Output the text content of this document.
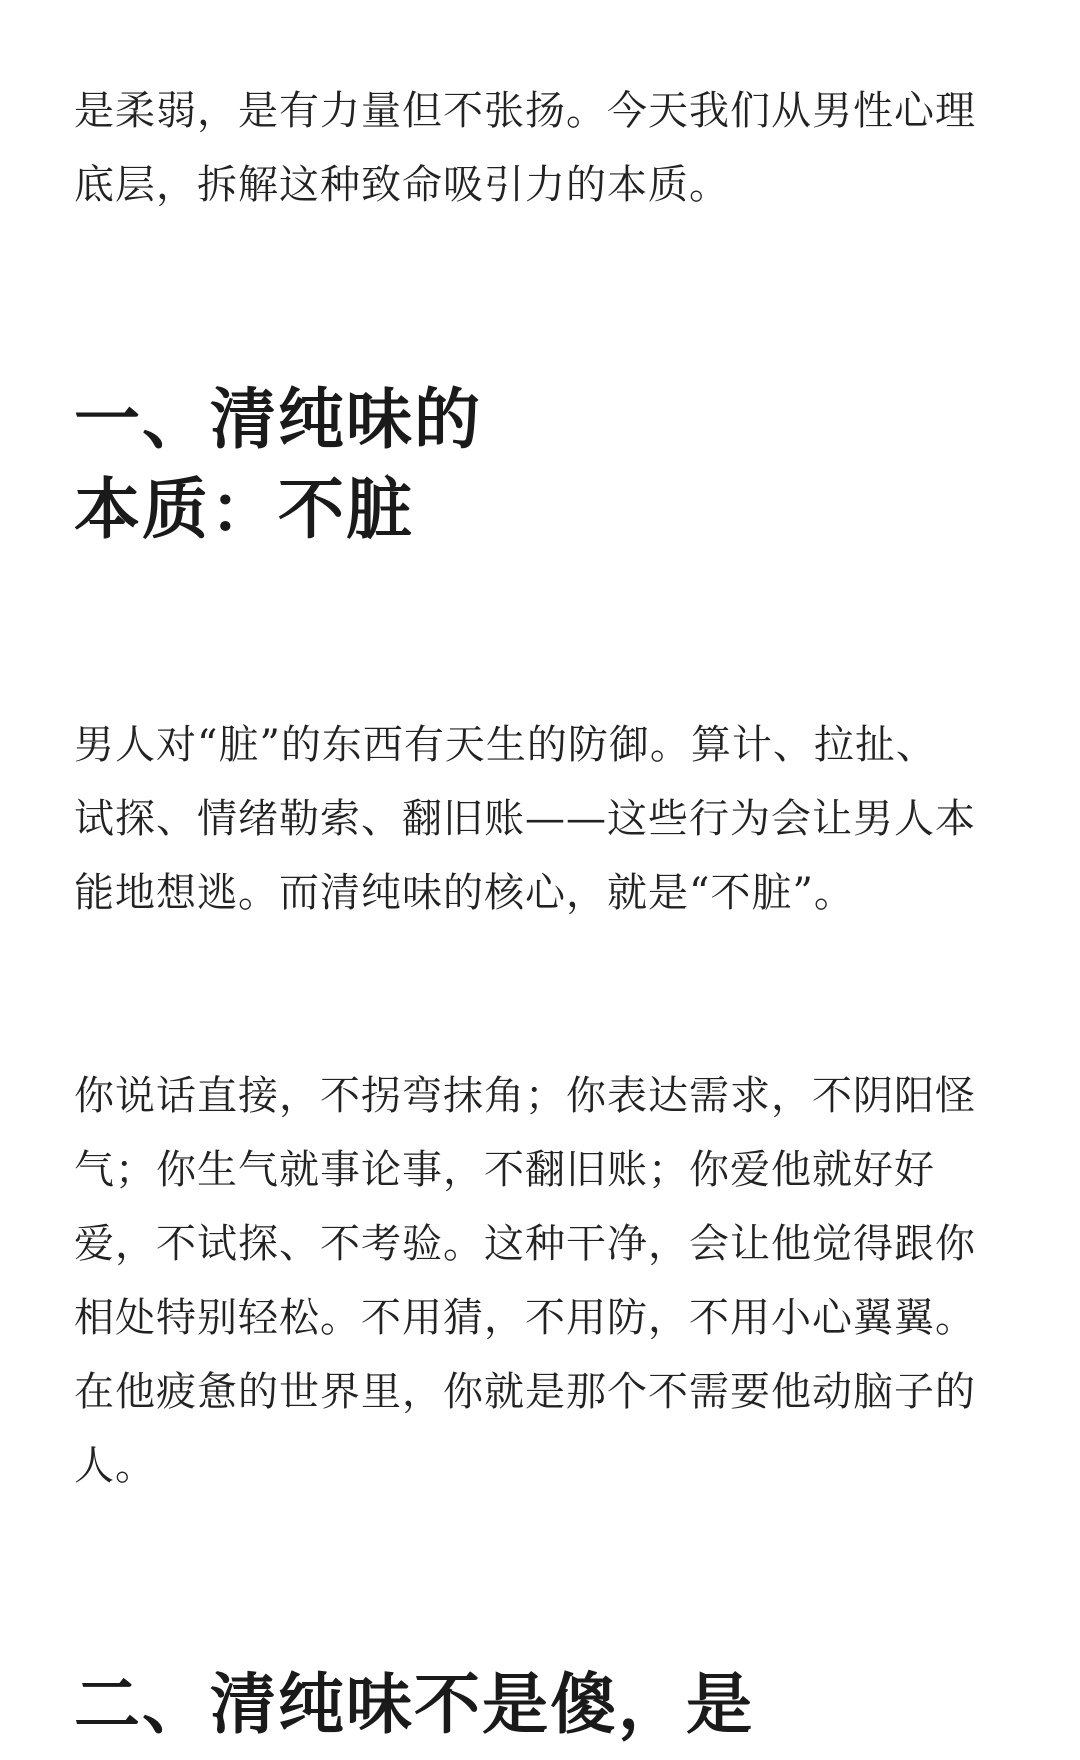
是柔弱，是有力量但不张扬。今天我们从男性心理
底层，拆解这种致命吸引力的本质。

一、清纯味的
本质：不脏

男人对“脏”的东西有天生的防御。算计、拉扯、
试探、情绪勒索、翻旧账——这些行为会让男人本
能地想逃。而清纯味的核心，就是“不脏”。

你说话直接，不拐弯抹角；你表达需求，不阴阳怪
气；你生气就事论事，不翻旧账；你爱他就好好
爱，不试探、不考验。这种干净，会让他觉得跟你
相处特别轻松。不用猜，不用防，不用小心翼翼。
在他疲惫的世界里，你就是那个不需要他动脑子的
人。

二、清纯味不是傻，是
